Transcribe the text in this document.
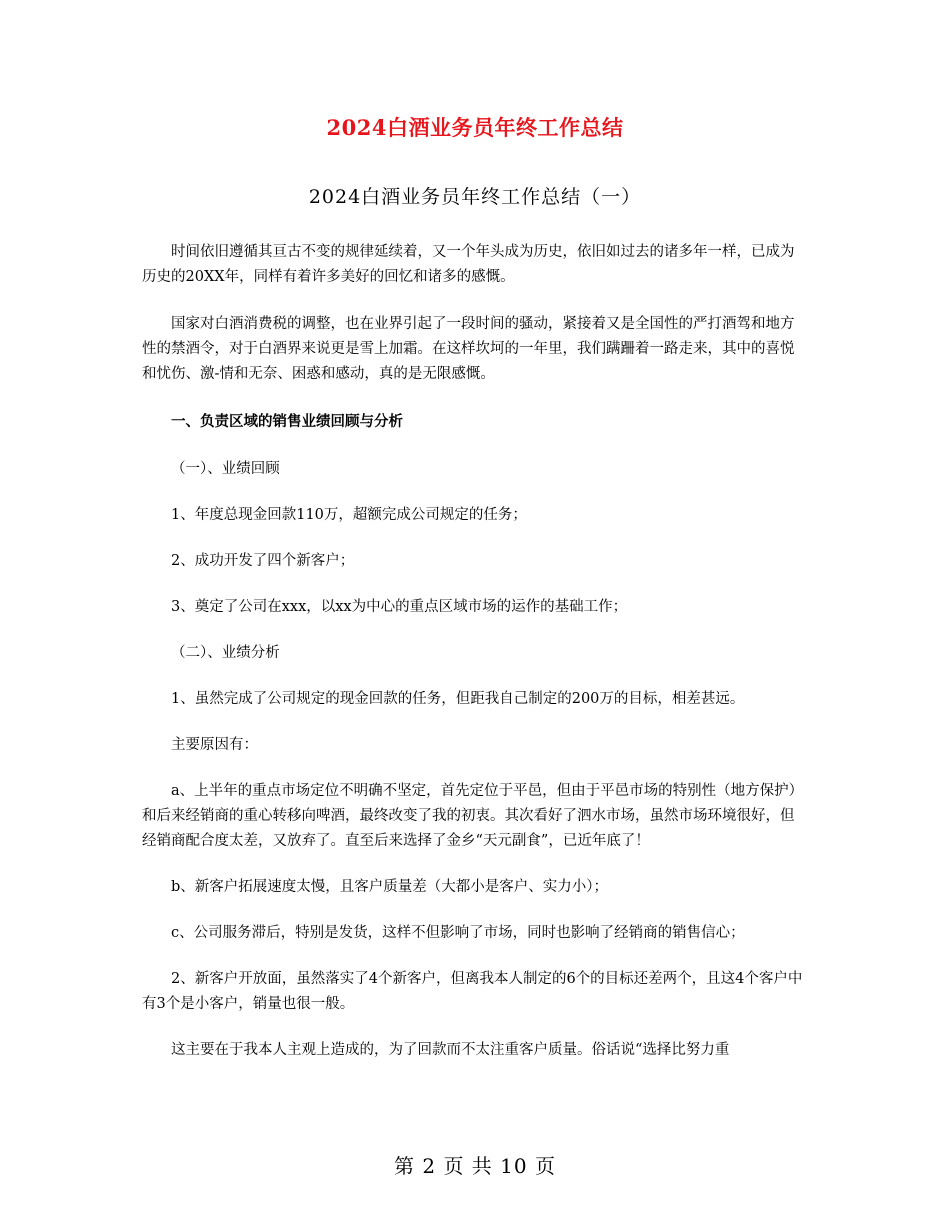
2024白酒业务员年终工作总结
2024白酒业务员年终工作总结（一）

时间依旧遵循其亘古不变的规律延续着，又一个年头成为历史，依旧如过去的诸多年一样，已成为历史的20XX年，同样有着许多美好的回忆和诸多的感慨。

国家对白酒消费税的调整，也在业界引起了一段时间的骚动，紧接着又是全国性的严打酒驾和地方性的禁酒令，对于白酒界来说更是雪上加霜。在这样坎坷的一年里，我们蹒跚着一路走来，其中的喜悦和忧伤、激-情和无奈、困惑和感动，真的是无限感慨。

一、负责区域的销售业绩回顾与分析

（一）、业绩回顾

1、年度总现金回款110万，超额完成公司规定的任务；

2、成功开发了四个新客户；

3、奠定了公司在xxx，以xx为中心的重点区域市场的运作的基础工作；

（二）、业绩分析

1、虽然完成了公司规定的现金回款的任务，但距我自己制定的200万的目标，相差甚远。

主要原因有：

a、上半年的重点市场定位不明确不坚定，首先定位于平邑，但由于平邑市场的特别性（地方保护）和后来经销商的重心转移向啤酒，最终改变了我的初衷。其次看好了泗水市场，虽然市场环境很好，但经销商配合度太差，又放弃了。直至后来选择了金乡“天元副食”，已近年底了！

b、新客户拓展速度太慢，且客户质量差（大都小是客户、实力小）；

c、公司服务滞后，特别是发货，这样不但影响了市场，同时也影响了经销商的销售信心；

2、新客户开放面，虽然落实了4个新客户，但离我本人制定的6个的目标还差两个，且这4个客户中有3个是小客户，销量也很一般。

这主要在于我本人主观上造成的，为了回款而不太注重客户质量。俗话说“选择比努力重

第 2 页 共 10 页
